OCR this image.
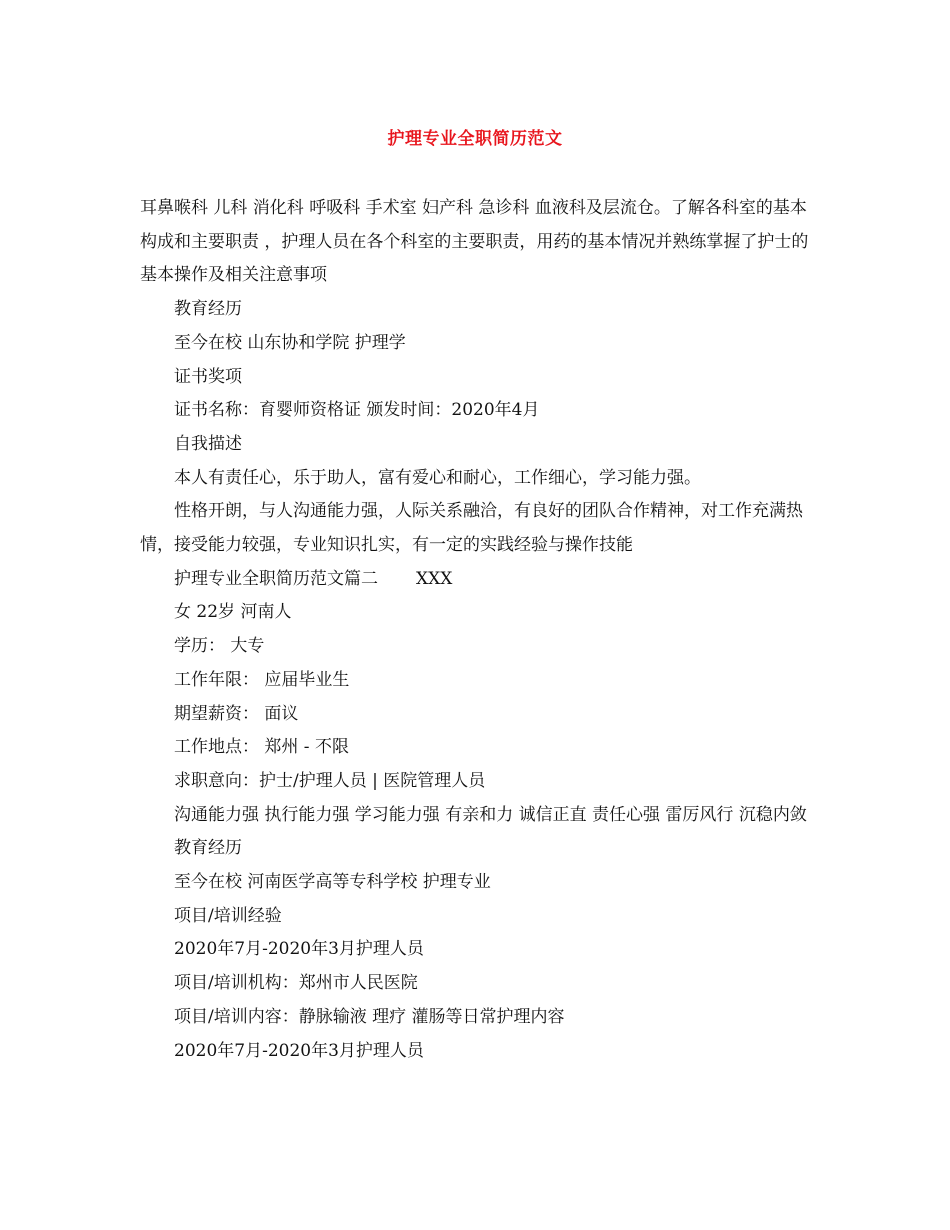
护理专业全职简历范文

耳鼻喉科 儿科 消化科 呼吸科 手术室 妇产科 急诊科 血液科及层流仓。了解各科室的基本构成和主要职责 ，护理人员在各个科室的主要职责，用药的基本情况并熟练掌握了护士的基本操作及相关注意事项

教育经历

至今在校 山东协和学院 护理学

证书奖项

证书名称：育婴师资格证 颁发时间：2020年4月

自我描述

本人有责任心，乐于助人，富有爱心和耐心，工作细心，学习能力强。

性格开朗，与人沟通能力强，人际关系融洽，有良好的团队合作精神，对工作充满热情，接受能力较强，专业知识扎实，有一定的实践经验与操作技能

护理专业全职简历范文篇二 XXX

女 22岁 河南人

学历： 大专

工作年限： 应届毕业生

期望薪资： 面议

工作地点： 郑州 - 不限

求职意向：护士/护理人员 | 医院管理人员

沟通能力强 执行能力强 学习能力强 有亲和力 诚信正直 责任心强 雷厉风行 沉稳内敛

教育经历

至今在校 河南医学高等专科学校 护理专业

项目/培训经验

2020年7月-2020年3月护理人员

项目/培训机构：郑州市人民医院

项目/培训内容：静脉输液 理疗 灌肠等日常护理内容

2020年7月-2020年3月护理人员
